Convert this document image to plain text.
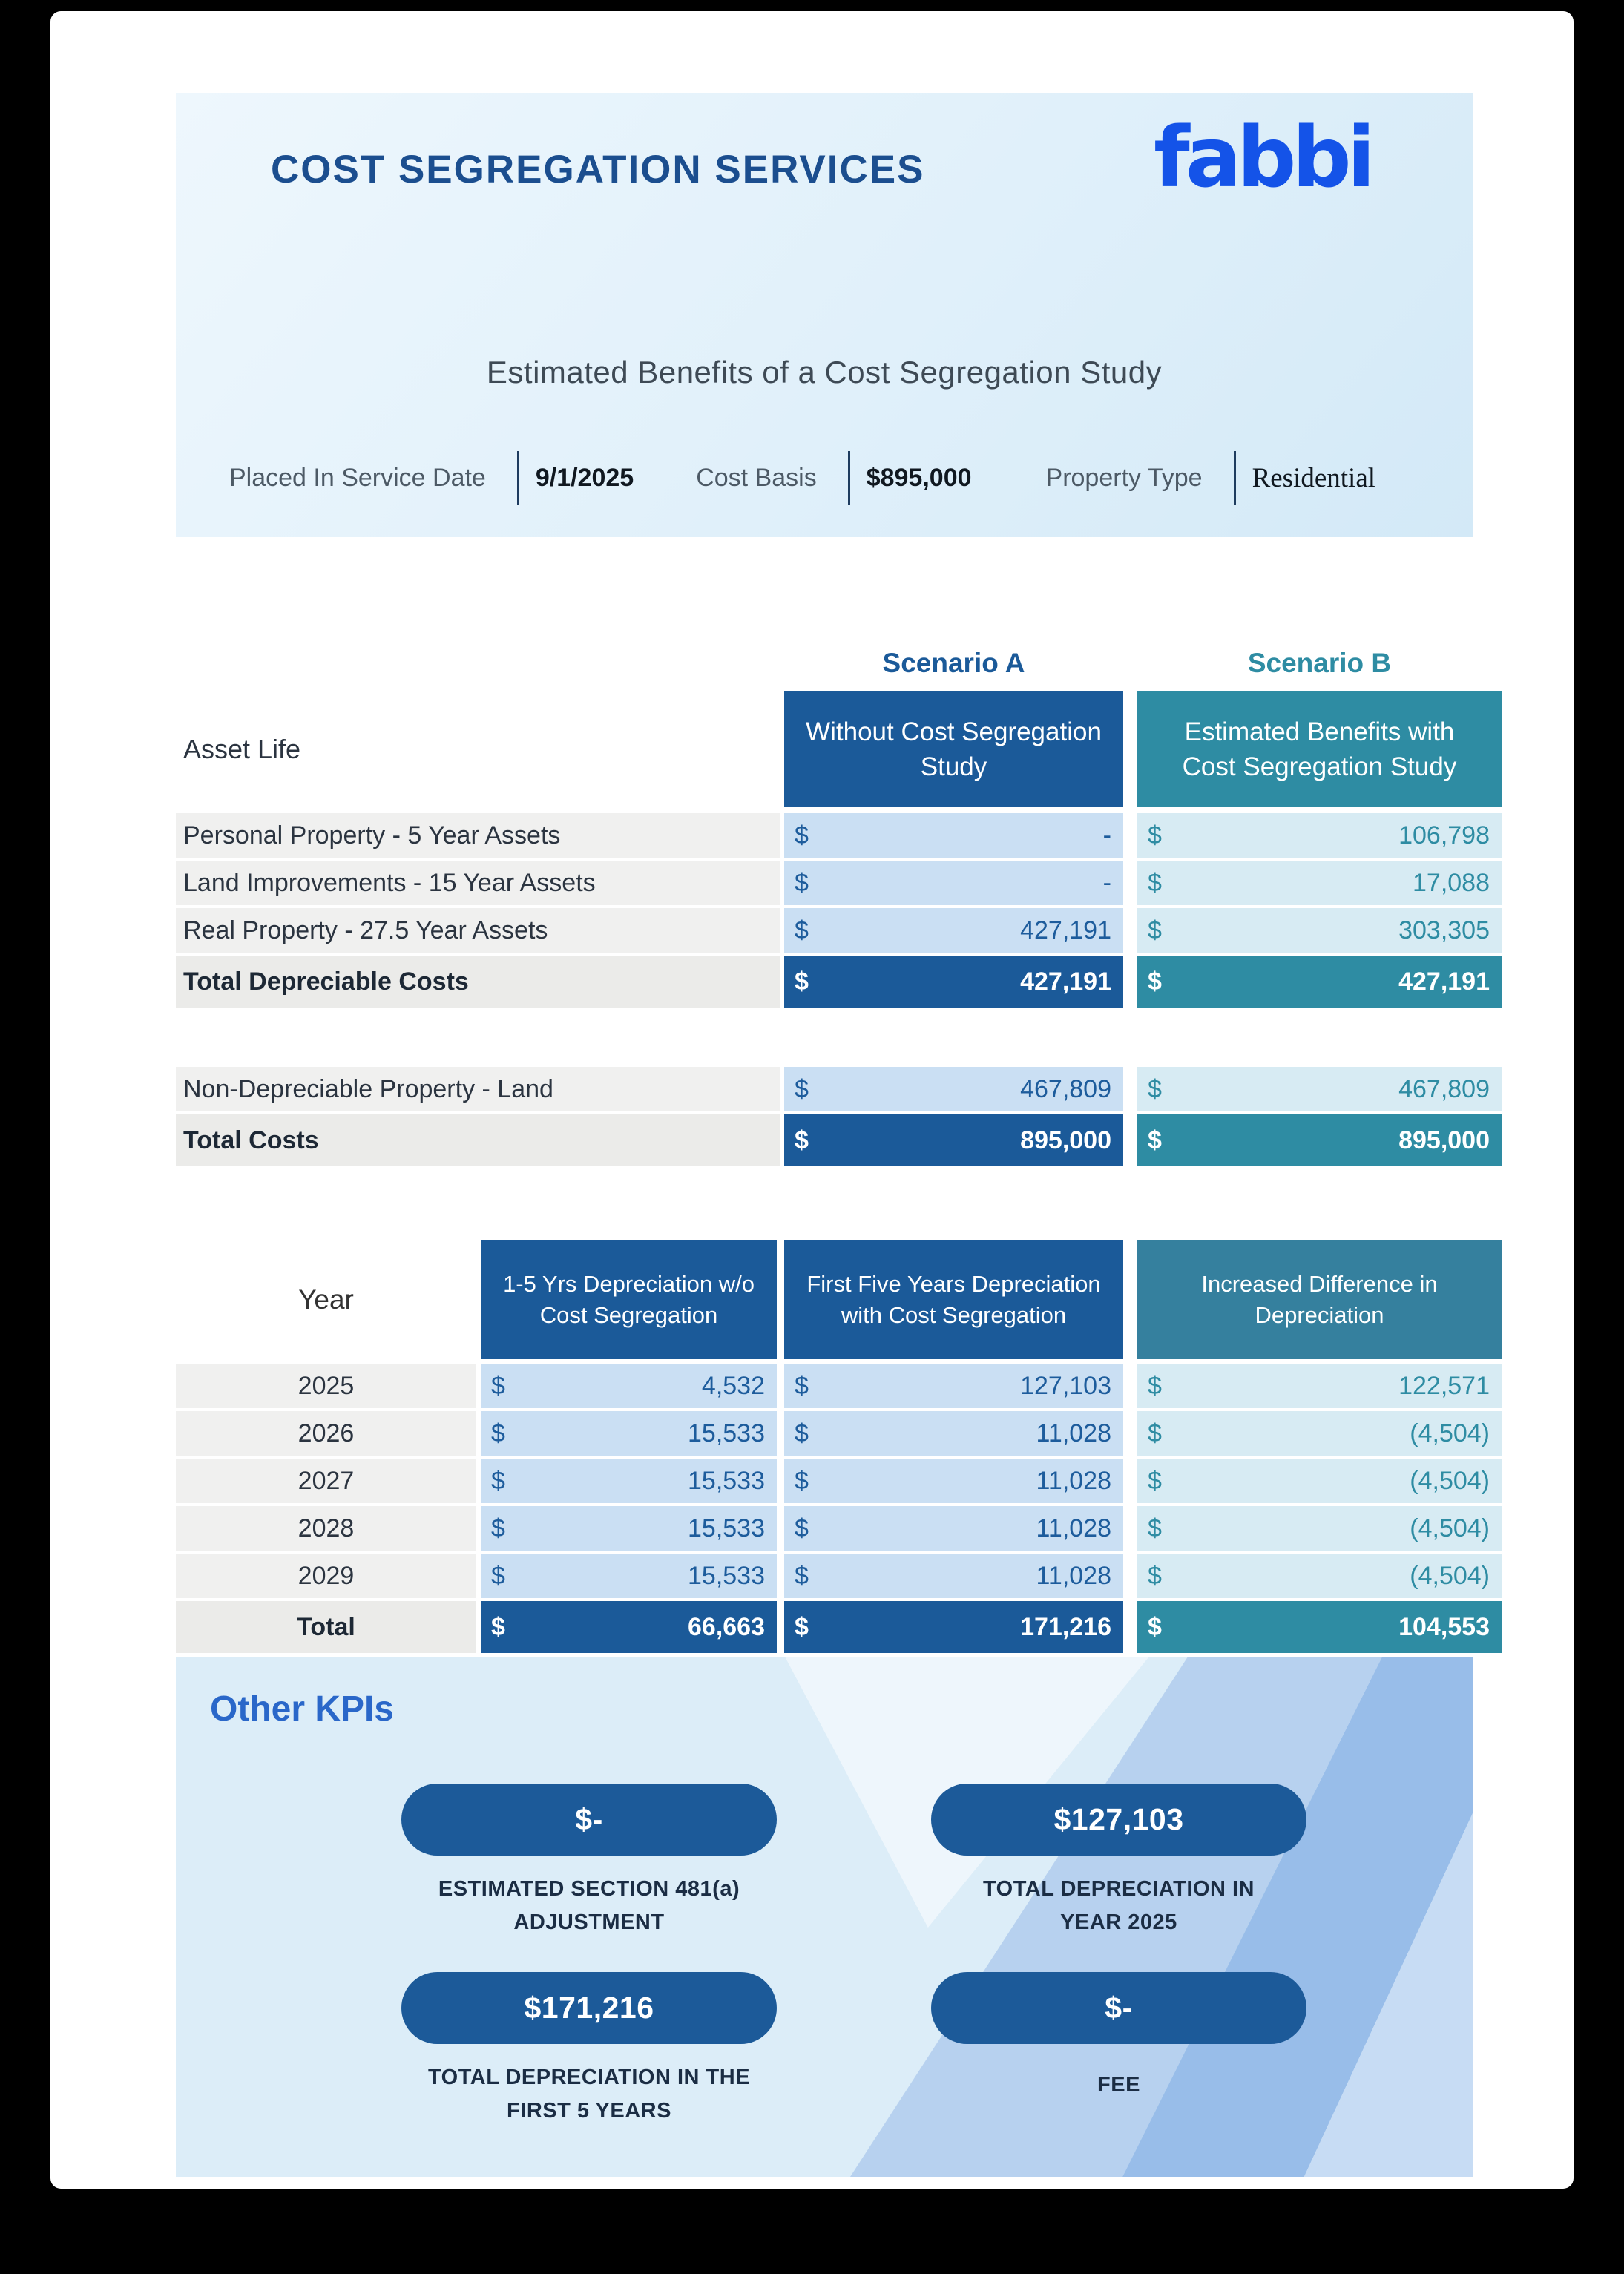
COST SEGREGATION SERVICES	fabbi
Estimated Benefits of a Cost Segregation Study
Placed In Service Date 9/1/2025 Cost Basis $895,000	Property Type Residential
Scenario A	Scenario B
Asset Life
Without Cost Segregation Study
Estimated Benefits with Cost Segregation Study
Personal Property - 5 Year Assets	$	- $	106,798
Land Improvements - 15 Year Assets	$	- $	17,088
Real Property - 27.5 Year Assets	$	427,191 $	303,305
Total Depreciable Costs	$	427,191 $	427,191
Non-Depreciable Property - Land	$	467,809 $	467,809
Total Costs	$	895,000 $	895,000
Year
1-5 Yrs Depreciation w/o Cost Segregation
First Five Years Depreciation with Cost Segregation
Increased Difference in Depreciation
2025	$	4,532 $	127,103 $	122,571
2026	$	15,533 $	11,028 $	(4,504)
2027	$	15,533 $	11,028 $	(4,504)
2028	$	15,533 $	11,028 $	(4,504)
2029	$	15,533 $	11,028 $	(4,504)
Total	$	66,663 $	171,216 $	104,553
Other KPIs
$-
ESTIMATED SECTION 481(a) ADJUSTMENT
$127,103
TOTAL DEPRECIATION IN YEAR 2025
$171,216
TOTAL DEPRECIATION IN THE FIRST 5 YEARS
$-
FEE
